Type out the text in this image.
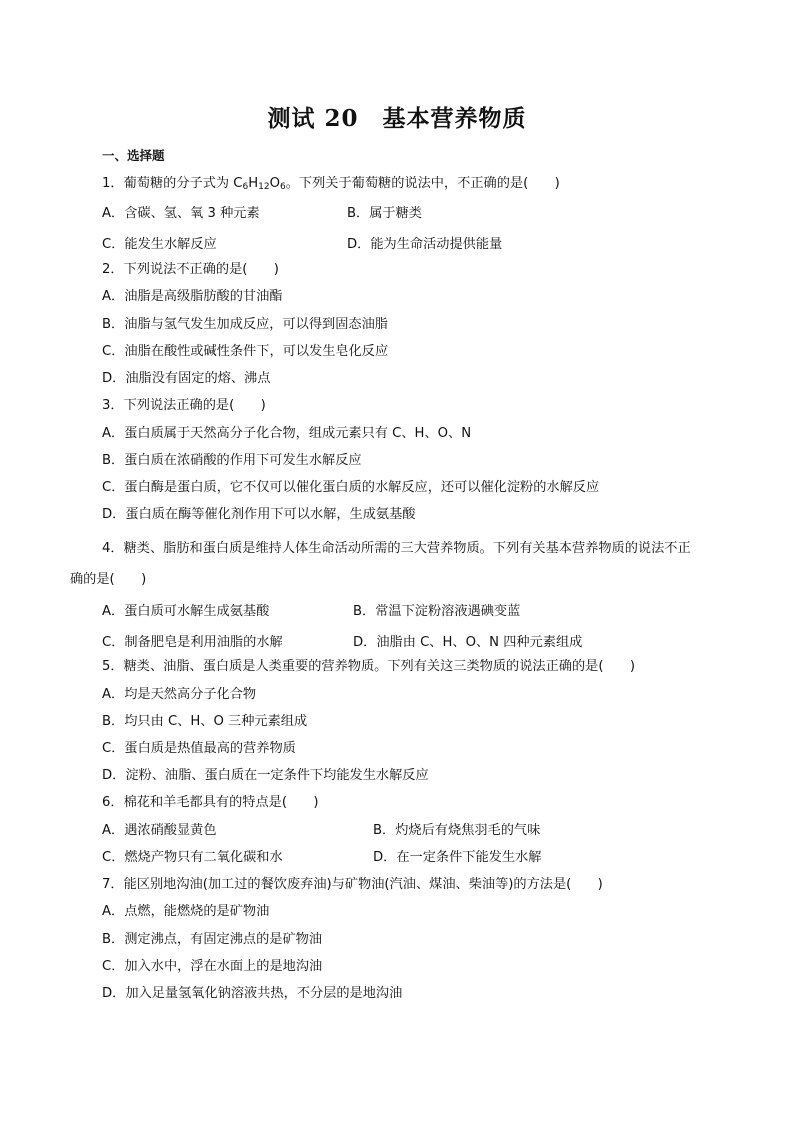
测试 20　基本营养物质
一、选择题
1．葡萄糖的分子式为 $C_6H_{12}O_6$。下列关于葡萄糖的说法中，不正确的是(　　)
A．含碳、氢、氧 3 种元素	B．属于糖类
C．能发生水解反应	D．能为生命活动提供能量
2．下列说法不正确的是(　　)
A．油脂是高级脂肪酸的甘油酯
B．油脂与氢气发生加成反应，可以得到固态油脂
C．油脂在酸性或碱性条件下，可以发生皂化反应
D．油脂没有固定的熔、沸点
3．下列说法正确的是(　　)
A．蛋白质属于天然高分子化合物，组成元素只有 C、H、O、N
B．蛋白质在浓硝酸的作用下可发生水解反应
C．蛋白酶是蛋白质，它不仅可以催化蛋白质的水解反应，还可以催化淀粉的水解反应
D．蛋白质在酶等催化剂作用下可以水解，生成氨基酸
4．糖类、脂肪和蛋白质是维持人体生命活动所需的三大营养物质。下列有关基本营养物质的说法不正
确的是(　　)
A．蛋白质可水解生成氨基酸	B．常温下淀粉溶液遇碘变蓝
C．制备肥皂是利用油脂的水解	D．油脂由 C、H、O、N 四种元素组成
5．糖类、油脂、蛋白质是人类重要的营养物质。下列有关这三类物质的说法正确的是(　　)
A．均是天然高分子化合物
B．均只由 C、H、O 三种元素组成
C．蛋白质是热值最高的营养物质
D．淀粉、油脂、蛋白质在一定条件下均能发生水解反应
6．棉花和羊毛都具有的特点是(　　)
A．遇浓硝酸显黄色	B．灼烧后有烧焦羽毛的气味
C．燃烧产物只有二氧化碳和水	D．在一定条件下能发生水解
7．能区别地沟油(加工过的餐饮废弃油)与矿物油(汽油、煤油、柴油等)的方法是(　　)
A．点燃，能燃烧的是矿物油
B．测定沸点，有固定沸点的是矿物油
C．加入水中，浮在水面上的是地沟油
D．加入足量氢氧化钠溶液共热，不分层的是地沟油
